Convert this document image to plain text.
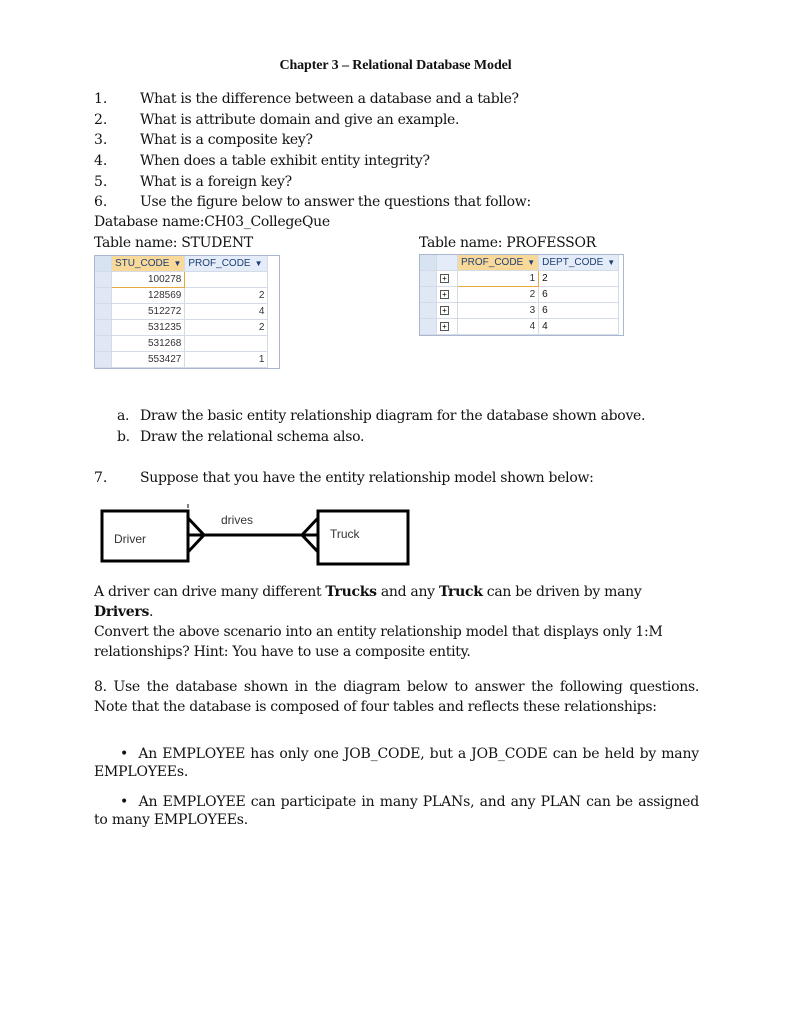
Chapter 3 – Relational Database Model
1. What is the difference between a database and a table?
2. What is attribute domain and give an example.
3. What is a composite key?
4. When does a table exhibit entity integrity?
5. What is a foreign key?
6. Use the figure below to answer the questions that follow:
Database name:CH03_CollegeQue
Table name: STUDENT	Table name: PROFESSOR
	STU_CODE ▼	PROF_CODE ▼
	100278	
	128569	2
	512272	4
	531235	2
	531268	
	553427	1
		PROF_CODE ▼	DEPT_CODE ▼
	+	1	2
	+	2	6
	+	3	6
	+	4	4
a. Draw the basic entity relationship diagram for the database shown above.
b. Draw the relational schema also.
7. Suppose that you have the entity relationship model shown below:
Driver	Truck
drives
A driver can drive many different Trucks and any Truck can be driven by many Drivers.
Convert the above scenario into an entity relationship model that displays only 1:M
relationships? Hint: You have to use a composite entity.
8. Use the database shown in the diagram below to answer the following questions. Note that the database is composed of four tables and reflects these relationships:
• An EMPLOYEE has only one JOB_CODE, but a JOB_CODE can be held by many EMPLOYEEs.
• An EMPLOYEE can participate in many PLANs, and any PLAN can be assigned to many EMPLOYEEs.
